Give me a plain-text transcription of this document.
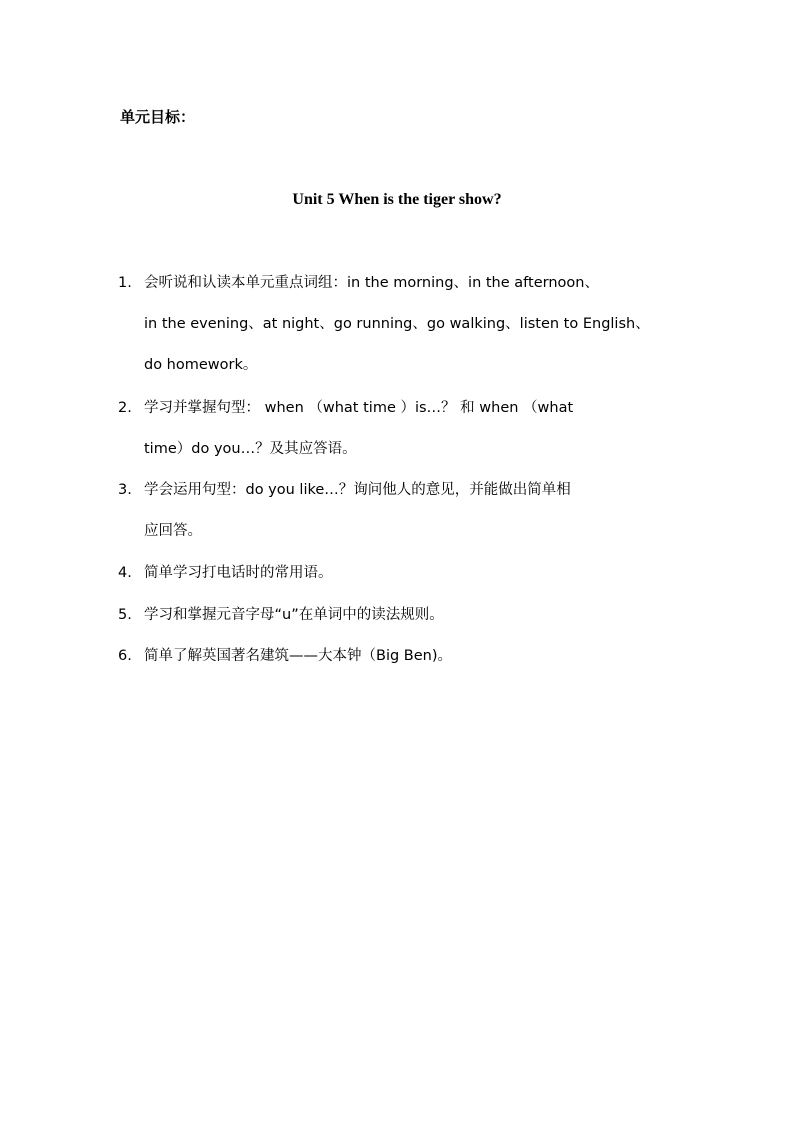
单元目标：
Unit 5 When is the tiger show?
1. 会听说和认读本单元重点词组：in the morning、in the afternoon、
in the evening、at night、go running、go walking、listen to English、
do homework。
2. 学习并掌握句型： when （what time ）is…？ 和 when （what
time）do you…？及其应答语。
3. 学会运用句型：do you like…？询问他人的意见，并能做出简单相
应回答。
4. 简单学习打电话时的常用语。
5. 学习和掌握元音字母“u”在单词中的读法规则。
6. 简单了解英国著名建筑——大本钟（Big Ben)。
